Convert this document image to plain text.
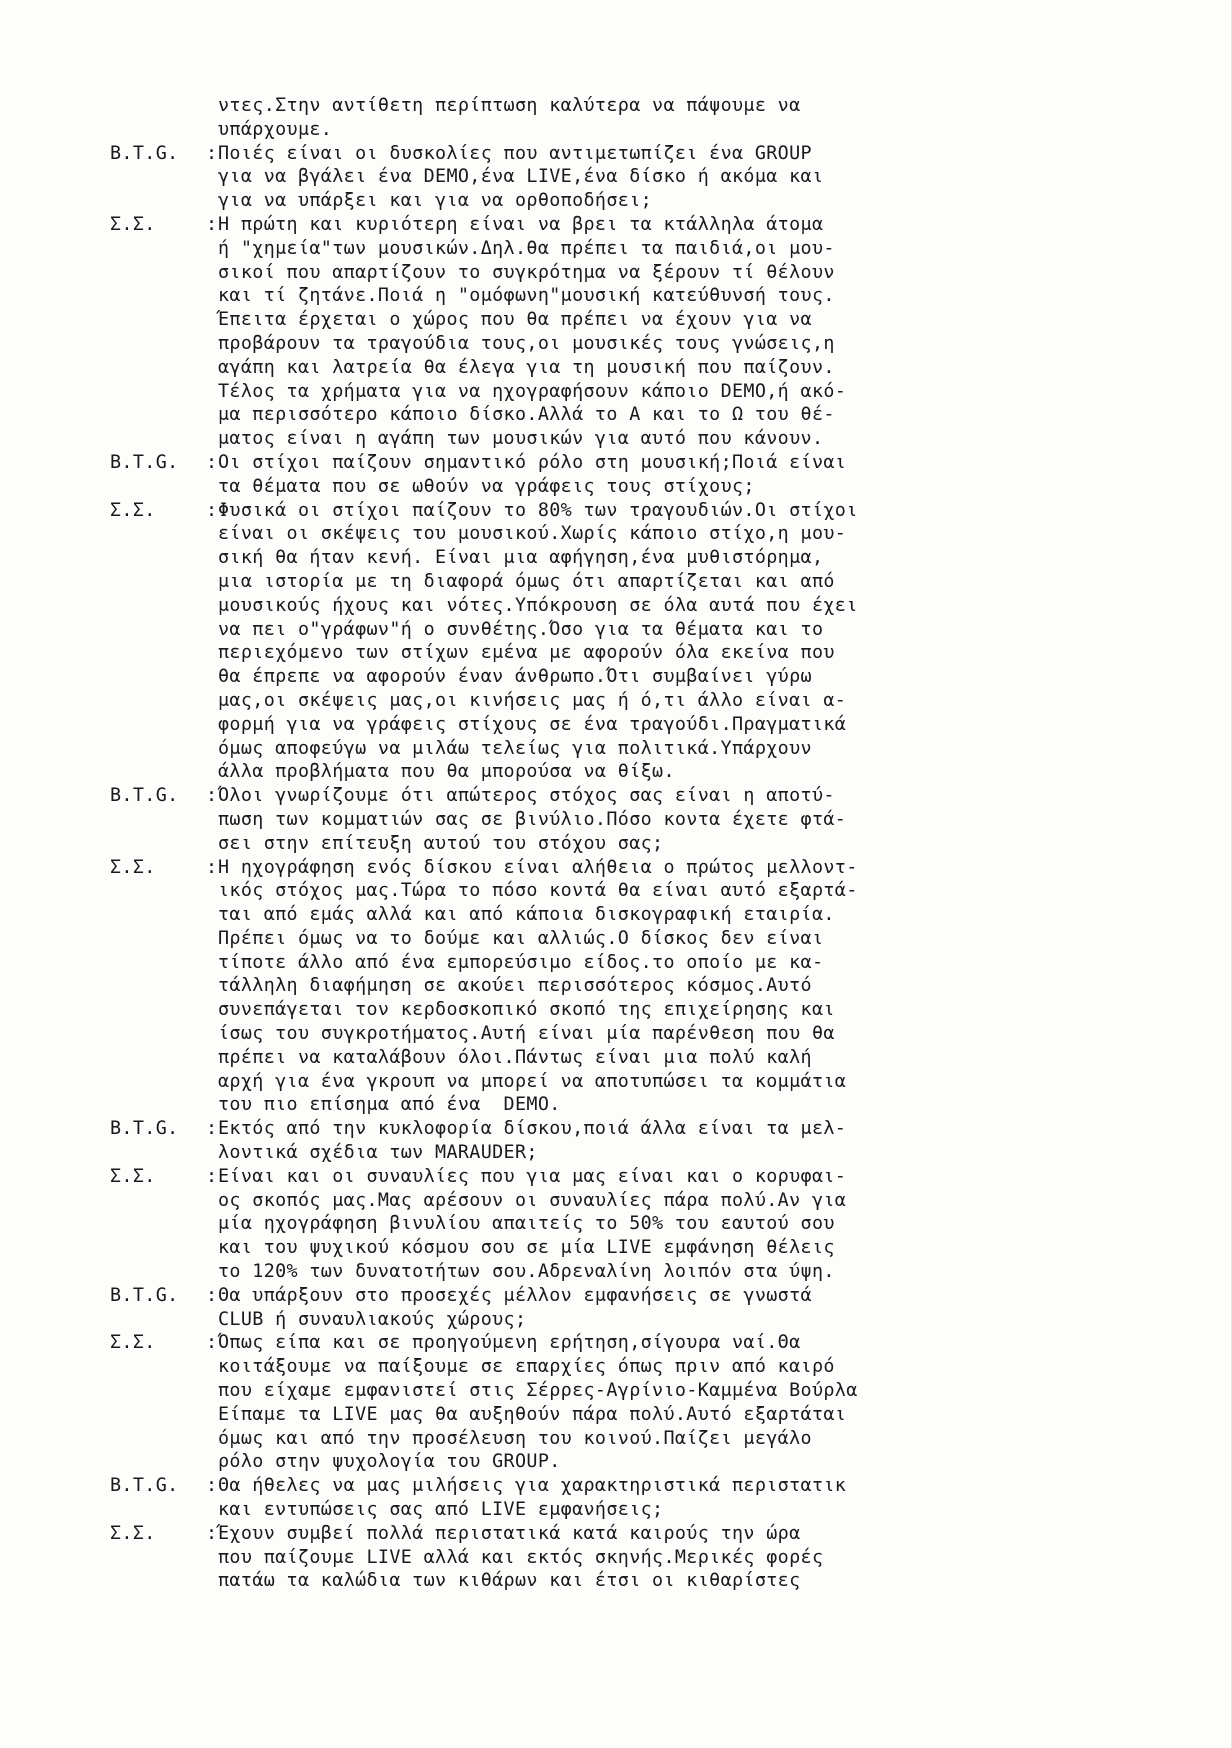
ντες.Στην αντίθετη περίπτωση καλύτερα να πάψουμε να
υπάρχουμε.
B.T.G.	: Ποιές είναι οι δυσκολίες που αντιμετωπίζει ένα GROUP
για να βγάλει ένα DEMO,ένα LIVE,ένα δίσκο ή ακόμα και
για να υπάρξει και για να ορθοποδήσει;
Σ.Σ.	: Η πρώτη και κυριότερη είναι να βρει τα κτάλληλα άτομα
ή "χημεία"των μουσικών.Δηλ.θα πρέπει τα παιδιά,οι μου-
σικοί που απαρτίζουν το συγκρότημα να ξέρουν τί θέλουν
και τί ζητάνε.Ποιά η "ομόφωνη"μουσική κατεύθυνσή τους.
Έπειτα έρχεται ο χώρος που θα πρέπει να έχουν για να
προβάρουν τα τραγούδια τους,οι μουσικές τους γνώσεις,η
αγάπη και λατρεία θα έλεγα για τη μουσική που παίζουν.
Τέλος τα χρήματα για να ηχογραφήσουν κάποιο DEMO,ή ακό-
μα περισσότερο κάποιο δίσκο.Αλλά το Α και το Ω του θέ-
ματος είναι η αγάπη των μουσικών για αυτό που κάνουν.
B.T.G.	: Οι στίχοι παίζουν σημαντικό ρόλο στη μουσική;Ποιά είναι
τα θέματα που σε ωθούν να γράφεις τους στίχους;
Σ.Σ.	: Φυσικά οι στίχοι παίζουν το 80% των τραγουδιών.Οι στίχοι
είναι οι σκέψεις του μουσικού.Χωρίς κάποιο στίχο,η μου-
σική θα ήταν κενή. Είναι μια αφήγηση,ένα μυθιστόρημα,
μια ιστορία με τη διαφορά όμως ότι απαρτίζεται και από
μουσικούς ήχους και νότες.Υπόκρουση σε όλα αυτά που έχει
να πει ο"γράφων"ή ο συνθέτης.Όσο για τα θέματα και το
περιεχόμενο των στίχων εμένα με αφορούν όλα εκείνα που
θα έπρεπε να αφορούν έναν άνθρωπο.Ότι συμβαίνει γύρω
μας,οι σκέψεις μας,οι κινήσεις μας ή ό,τι άλλο είναι α-
φορμή για να γράφεις στίχους σε ένα τραγούδι.Πραγματικά
όμως αποφεύγω να μιλάω τελείως για πολιτικά.Υπάρχουν
άλλα προβλήματα που θα μπορούσα να θίξω.
B.T.G.	: Όλοι γνωρίζουμε ότι απώτερος στόχος σας είναι η αποτύ-
πωση των κομματιών σας σε βινύλιο.Πόσο κοντα έχετε φτά-
σει στην επίτευξη αυτού του στόχου σας;
Σ.Σ.	: Η ηχογράφηση ενός δίσκου είναι αλήθεια ο πρώτος μελλοντ-
ικός στόχος μας.Τώρα το πόσο κοντά θα είναι αυτό εξαρτά-
ται από εμάς αλλά και από κάποια δισκογραφική εταιρία.
Πρέπει όμως να το δούμε και αλλιώς.Ο δίσκος δεν είναι
τίποτε άλλο από ένα εμπορεύσιμο είδος.το οποίο με κα-
τάλληλη διαφήμηση σε ακούει περισσότερος κόσμος.Αυτό
συνεπάγεται τον κερδοσκοπικό σκοπό της επιχείρησης και
ίσως του συγκροτήματος.Αυτή είναι μία παρένθεση που θα
πρέπει να καταλάβουν όλοι.Πάντως είναι μια πολύ καλή
αρχή για ένα γκρουπ να μπορεί να αποτυπώσει τα κομμάτια
του πιο επίσημα από ένα  DEMO.
B.T.G.	: Εκτός από την κυκλοφορία δίσκου,ποιά άλλα είναι τα μελ-
λοντικά σχέδια των MARAUDER;
Σ.Σ.	: Είναι και οι συναυλίες που για μας είναι και ο κορυφαι-
ος σκοπός μας.Μας αρέσουν οι συναυλίες πάρα πολύ.Αν για
μία ηχογράφηση βινυλίου απαιτείς το 50% του εαυτού σου
και του ψυχικού κόσμου σου σε μία LIVE εμφάνηση θέλεις
το 120% των δυνατοτήτων σου.Αδρεναλίνη λοιπόν στα ύψη.
B.T.G.	: Θα υπάρξουν στο προσεχές μέλλον εμφανήσεις σε γνωστά
CLUB ή συναυλιακούς χώρους;
Σ.Σ.	: Όπως είπα και σε προηγούμενη ερήτηση,σίγουρα ναί.Θα
κοιτάξουμε να παίξουμε σε επαρχίες όπως πριν από καιρό
που είχαμε εμφανιστεί στις Σέρρες-Αγρίνιο-Καμμένα Βούρλα
Είπαμε τα LIVE μας θα αυξηθούν πάρα πολύ.Αυτό εξαρτάται
όμως και από την προσέλευση του κοινού.Παίζει μεγάλο
ρόλο στην ψυχολογία του GROUP.
B.T.G.	: Θα ήθελες να μας μιλήσεις για χαρακτηριστικά περιστατικ
και εντυπώσεις σας από LIVE εμφανήσεις;
Σ.Σ.	: Έχουν συμβεί πολλά περιστατικά κατά καιρούς την ώρα
που παίζουμε LIVE αλλά και εκτός σκηνής.Μερικές φορές
πατάω τα καλώδια των κιθάρων και έτσι οι κιθαρίστες
